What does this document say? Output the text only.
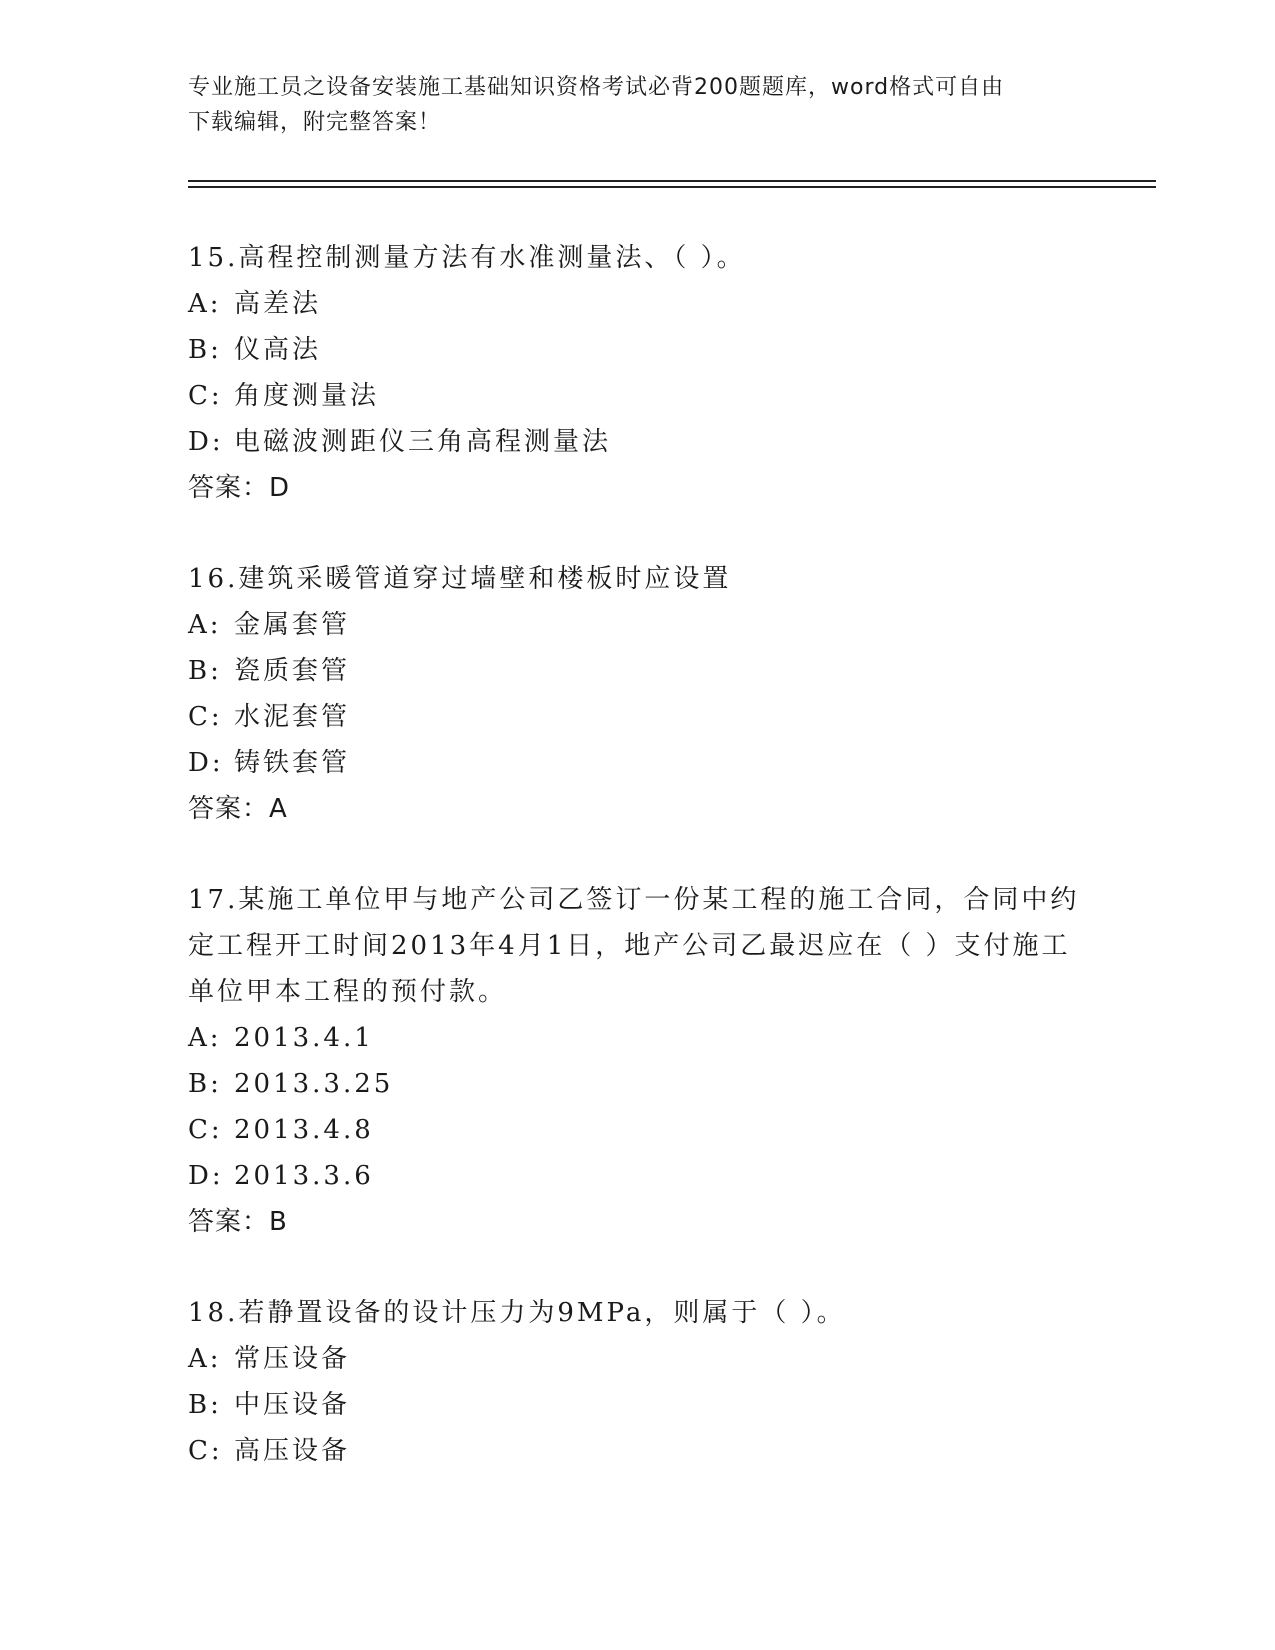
专业施工员之设备安装施工基础知识资格考试必背200题题库，word格式可自由
下载编辑，附完整答案！
15.高程控制测量方法有水准测量法、（ ）。
A: 高差法
B: 仪高法
C: 角度测量法
D: 电磁波测距仪三角高程测量法
答案：D
16.建筑采暖管道穿过墙壁和楼板时应设置
A: 金属套管
B: 瓷质套管
C: 水泥套管
D: 铸铁套管
答案：A
17.某施工单位甲与地产公司乙签订一份某工程的施工合同，合同中约定工程开工时间2013年4月1日，地产公司乙最迟应在（ ）支付施工单位甲本工程的预付款。
A: 2013.4.1
B: 2013.3.25
C: 2013.4.8
D: 2013.3.6
答案：B
18.若静置设备的设计压力为9MPa，则属于（ ）。
A: 常压设备
B: 中压设备
C: 高压设备
